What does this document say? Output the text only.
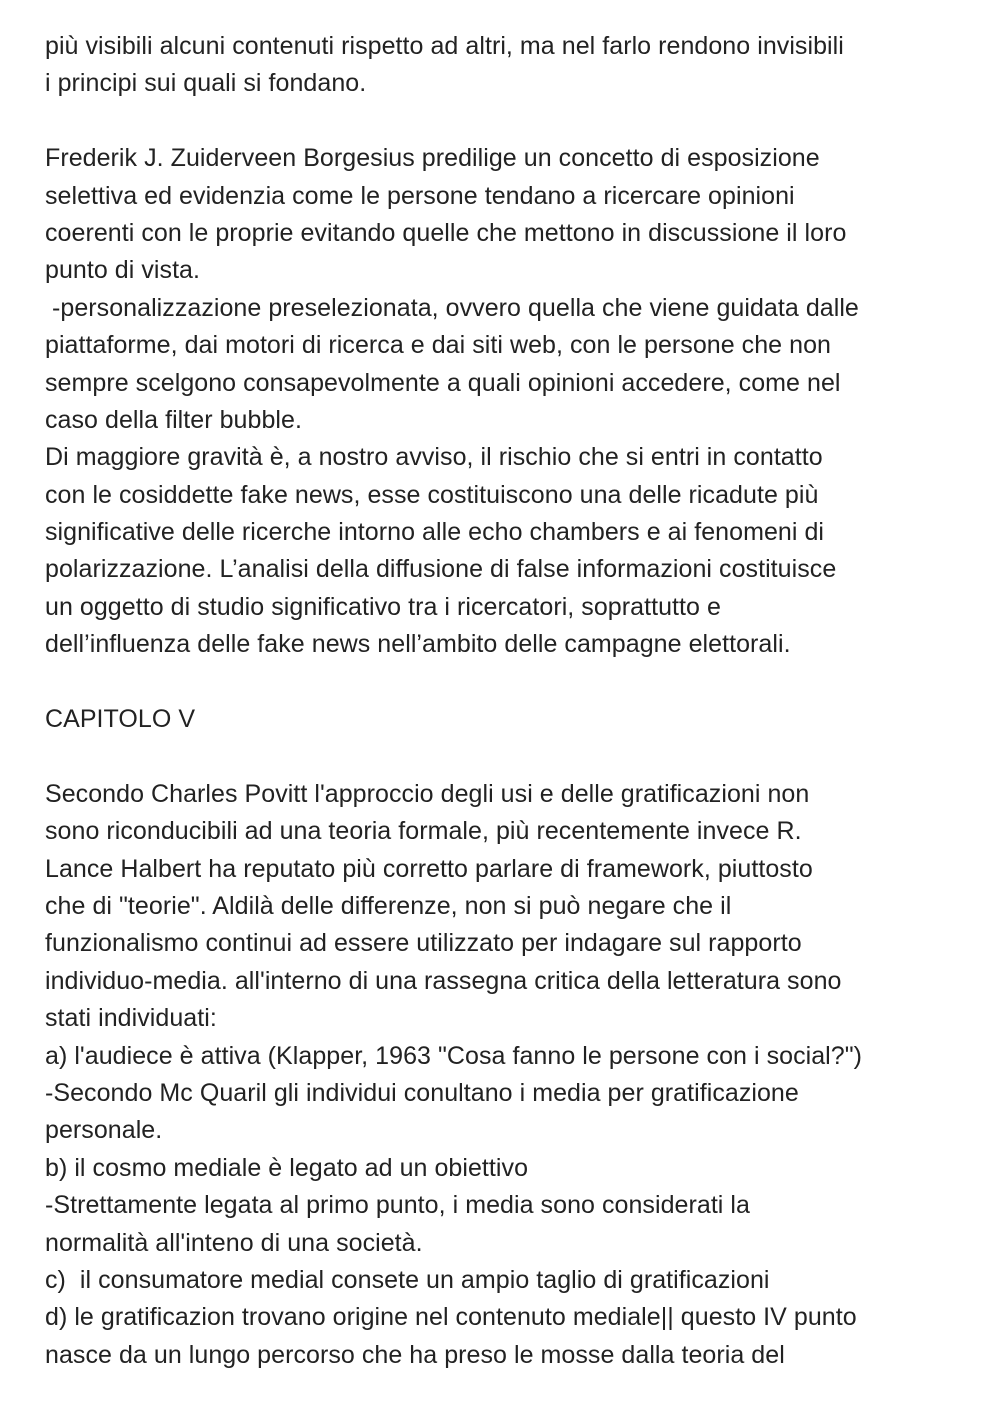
più visibili alcuni contenuti rispetto ad altri, ma nel farlo rendono invisibili
i principi sui quali si fondano.
Frederik J. Zuiderveen Borgesius predilige un concetto di esposizione
selettiva ed evidenzia come le persone tendano a ricercare opinioni
coerenti con le proprie evitando quelle che mettono in discussione il loro
punto di vista.
-personalizzazione preselezionata, ovvero quella che viene guidata dalle
piattaforme, dai motori di ricerca e dai siti web, con le persone che non
sempre scelgono consapevolmente a quali opinioni accedere, come nel
caso della filter bubble.
Di maggiore gravità è, a nostro avviso, il rischio che si entri in contatto
con le cosiddette fake news, esse costituiscono una delle ricadute più
significative delle ricerche intorno alle echo chambers e ai fenomeni di
polarizzazione. L’analisi della diffusione di false informazioni costituisce
un oggetto di studio significativo tra i ricercatori, soprattutto e
dell’influenza delle fake news nell’ambito delle campagne elettorali.
CAPITOLO V
Secondo Charles Povitt l'approccio degli usi e delle gratificazioni non
sono riconducibili ad una teoria formale, più recentemente invece R.
Lance Halbert ha reputato più corretto parlare di framework, piuttosto
che di "teorie". Aldilà delle differenze, non si può negare che il
funzionalismo continui ad essere utilizzato per indagare sul rapporto
individuo-media. all'interno di una rassegna critica della letteratura sono
stati individuati:
a) l'audiece è attiva (Klapper, 1963 "Cosa fanno le persone con i social?")
-Secondo Mc Quaril gli individui conultano i media per gratificazione
personale.
b) il cosmo mediale è legato ad un obiettivo
-Strettamente legata al primo punto, i media sono considerati la
normalità all'inteno di una società.
c)  il consumatore medial consete un ampio taglio di gratificazioni
d) le gratificazion trovano origine nel contenuto mediale|| questo IV punto
nasce da un lungo percorso che ha preso le mosse dalla teoria del
